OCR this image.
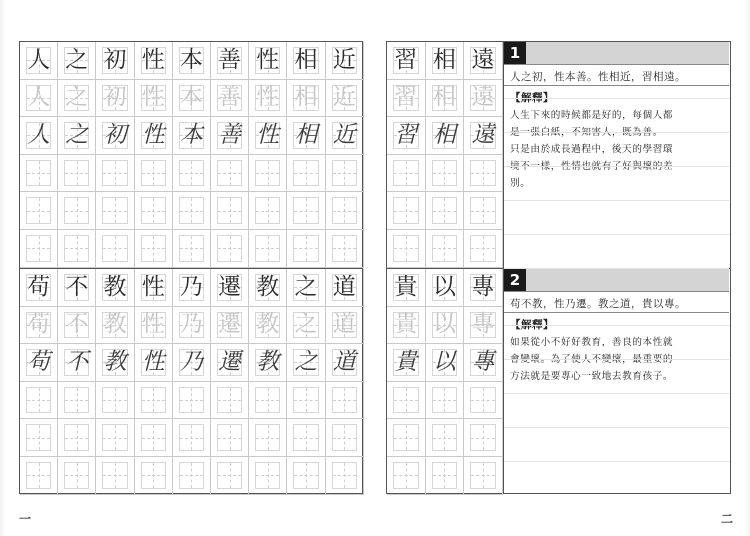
人 之 初 性 本 善 性 相 近
人 之 初 性 本 善 性 相 近
人 之 初 性 本 善 性 相 近
苟 不 教 性 乃 遷 教 之 道
苟 不 教 性 乃 遷 教 之 道
苟 不 教 性 乃 遷 教 之 道
習 相 遠
習 相 遠
習 相 遠
貴 以 專
貴 以 專
貴 以 專
1
人之初，性本善。性相近，習相遠。
【解釋】
人生下來的時候都是好的，每個人都
是一張白紙，不知害人，既為善。
只是由於成長過程中，後天的學習環
境不一樣，性情也就有了好與壞的差
別。
2
苟不教，性乃遷。教之道，貴以專。
【解釋】
如果從小不好好教育，善良的本性就
會變壞。為了使人不變壞，最重要的
方法就是要專心一致地去教育孩子。
一	二
